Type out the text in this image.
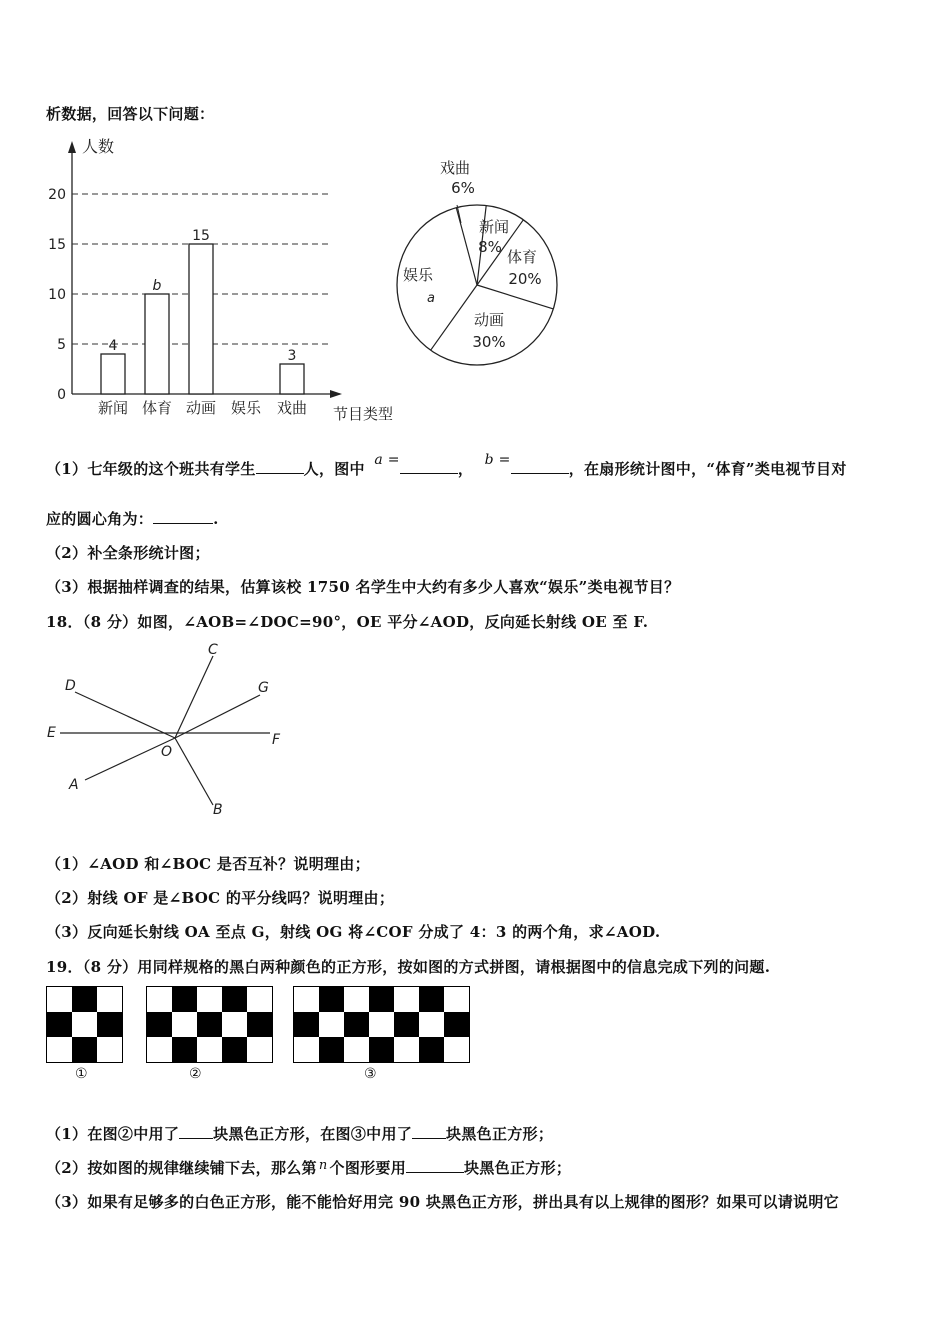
析数据，回答以下问题：
人数
节目类型
0
5
10
15
20
4
新闻
b
体育
15
动画 娱乐
3
戏曲
戏曲
6%
新闻
8%
体育
20%
动画
30%
娱乐
a
（1）七年级的这个班共有学生	人，图中 a =	， b =	，在扇形统计图中，“体育”类电视节目对
应的圆心角为：	.
（2）补全条形统计图；
（3）根据抽样调查的结果，估算该校 1750 名学生中大约有多少人喜欢“娱乐”类电视节目？
18．（8 分）如图，∠AOB=∠DOC=90°，OE 平分∠AOD，反向延长射线 OE 至 F.
C
D	G
E	F
O
A
B
（1）∠AOD 和∠BOC 是否互补？说明理由；
（2）射线 OF 是∠BOC 的平分线吗？说明理由；
（3）反向延长射线 OA 至点 G，射线 OG 将∠COF 分成了 4：3 的两个角，求∠AOD.
19．（8 分）用同样规格的黑白两种颜色的正方形，按如图的方式拼图，请根据图中的信息完成下列的问题.
①	②	③
（1）在图②中用了 块黑色正方形，在图③中用了 块黑色正方形；
（2）按如图的规律继续铺下去，那么第 n 个图形要用	块黑色正方形；
（3）如果有足够多的白色正方形，能不能恰好用完 90 块黑色正方形，拼出具有以上规律的图形？如果可以请说明它
